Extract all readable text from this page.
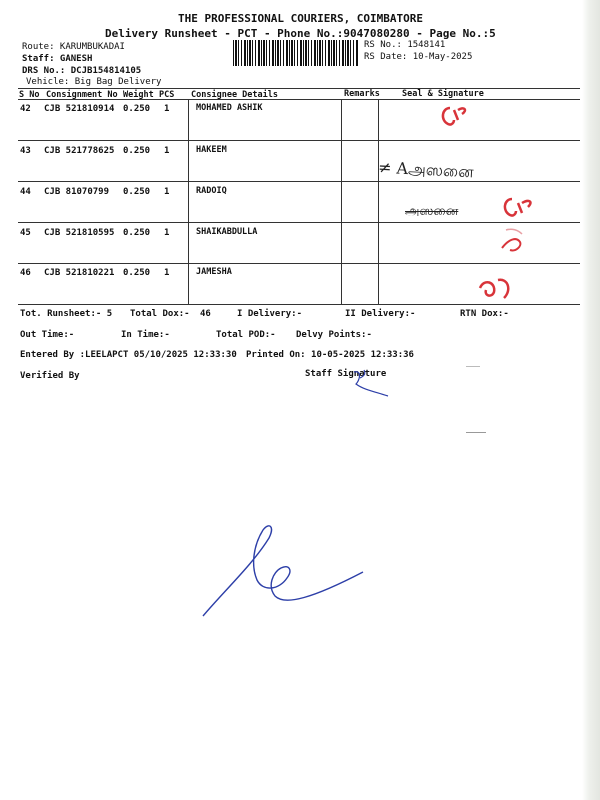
THE PROFESSIONAL COURIERS, COIMBATORE
Delivery Runsheet - PCT - Phone No.:9047080280 - Page No.:5
Route: KARUMBUKADAI
Staff: GANESH
DRS No.: DCJB154814105
Vehicle: Big Bag Delivery
RS No.: 1548141
RS Date: 10-May-2025
S No Consignment No Weight PCS Consignee Details	Remarks	Seal & Signature
42 CJB 521810914 0.250 1	MOHAMED ASHIK
43 CJB 521778625 0.250 1	HAKEEM
44 CJB 81070799 0.250 1	RADOIQ
45 CJB 521810595 0.250 1	SHAIKABDULLA
46 CJB 521810221 0.250 1	JAMESHA
≠ Aஅஸனை
அஸனை
Tot. Runsheet:- 5 Total Dox:- 46	I Delivery:-	II Delivery:-	RTN Dox:-
Out Time:-	In Time:-	Total POD:- Delvy Points:-
Entered By :LEELAPCT 05/10/2025 12:33:30 Printed On: 10-05-2025 12:33:36
Verified By	Staff Signature
